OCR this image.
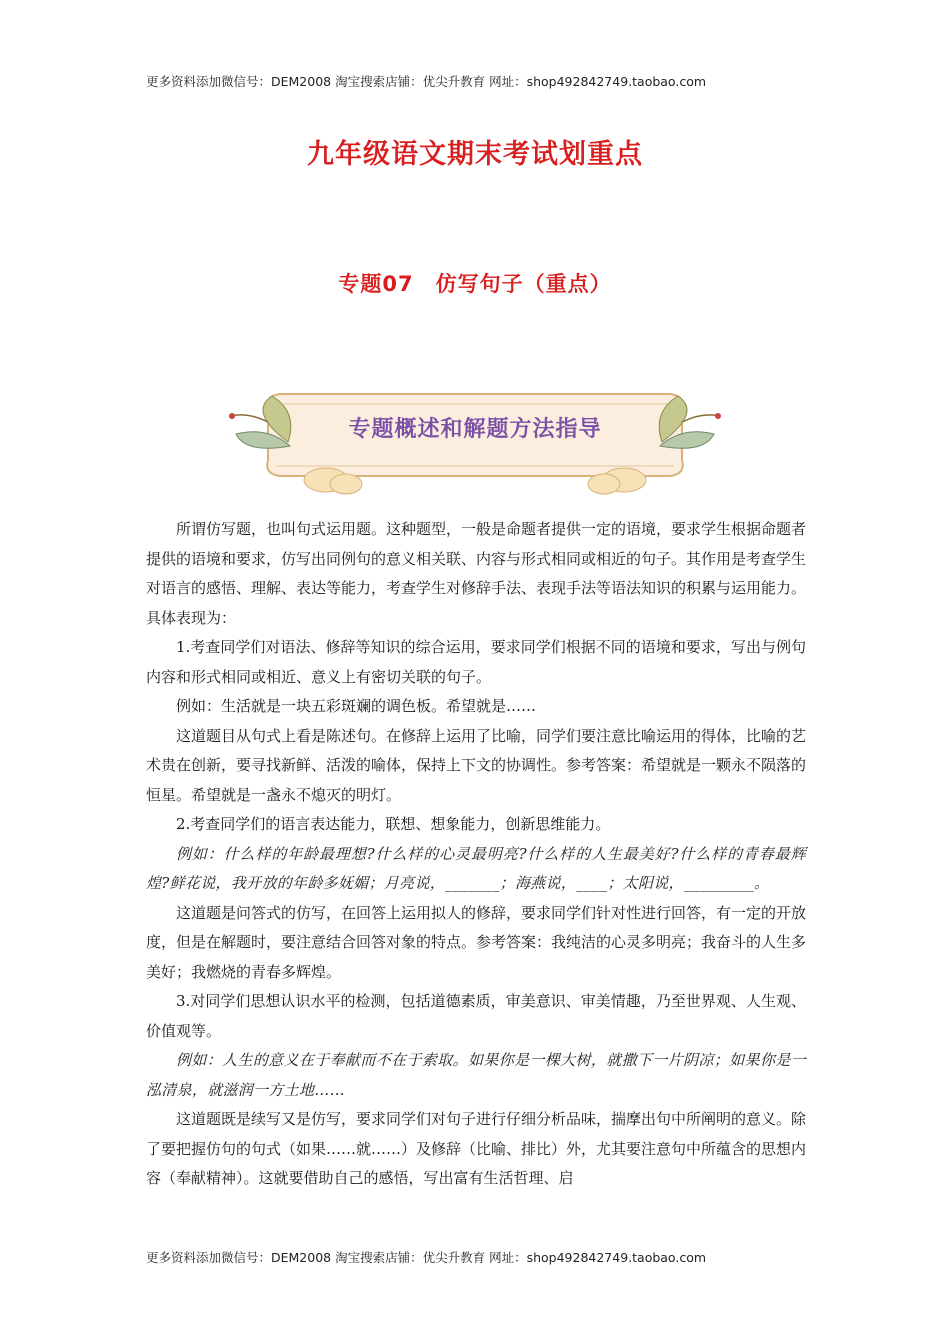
更多资料添加微信号：DEM2008 淘宝搜索店铺：优尖升教育 网址：shop492842749.taobao.com
九年级语文期末考试划重点
专题07　仿写句子（重点）
专题概述和解题方法指导

所谓仿写题，也叫句式运用题。这种题型，一般是命题者提供一定的语境，要求学生根据命题者提供的语境和要求，仿写出同例句的意义相关联、内容与形式相同或相近的句子。其作用是考查学生对语言的感悟、理解、表达等能力，考查学生对修辞手法、表现手法等语法知识的积累与运用能力。具体表现为：

1.考查同学们对语法、修辞等知识的综合运用，要求同学们根据不同的语境和要求，写出与例句内容和形式相同或相近、意义上有密切关联的句子。

例如：生活就是一块五彩斑斓的调色板。希望就是……

这道题目从句式上看是陈述句。在修辞上运用了比喻，同学们要注意比喻运用的得体，比喻的艺术贵在创新，要寻找新鲜、活泼的喻体，保持上下文的协调性。参考答案：希望就是一颗永不陨落的恒星。希望就是一盏永不熄灭的明灯。

2.考查同学们的语言表达能力，联想、想象能力，创新思维能力。

例如：什么样的年龄最理想?什么样的心灵最明亮?什么样的人生最美好?什么样的青春最辉煌?鲜花说，我开放的年龄多妩媚；月亮说，_______；海燕说，____；太阳说，_________。

这道题是问答式的仿写，在回答上运用拟人的修辞，要求同学们针对性进行回答，有一定的开放度，但是在解题时，要注意结合回答对象的特点。参考答案：我纯洁的心灵多明亮；我奋斗的人生多美好；我燃烧的青春多辉煌。

3.对同学们思想认识水平的检测，包括道德素质，审美意识、审美情趣，乃至世界观、人生观、价值观等。

例如：人生的意义在于奉献而不在于索取。如果你是一棵大树，就撒下一片阴凉；如果你是一泓清泉，就滋润一方土地……

这道题既是续写又是仿写，要求同学们对句子进行仔细分析品味，揣摩出句中所阐明的意义。除了要把握仿句的句式（如果……就……）及修辞（比喻、排比）外，尤其要注意句中所蕴含的思想内容（奉献精神）。这就要借助自己的感悟，写出富有生活哲理、启

更多资料添加微信号：DEM2008 淘宝搜索店铺：优尖升教育 网址：shop492842749.taobao.com
